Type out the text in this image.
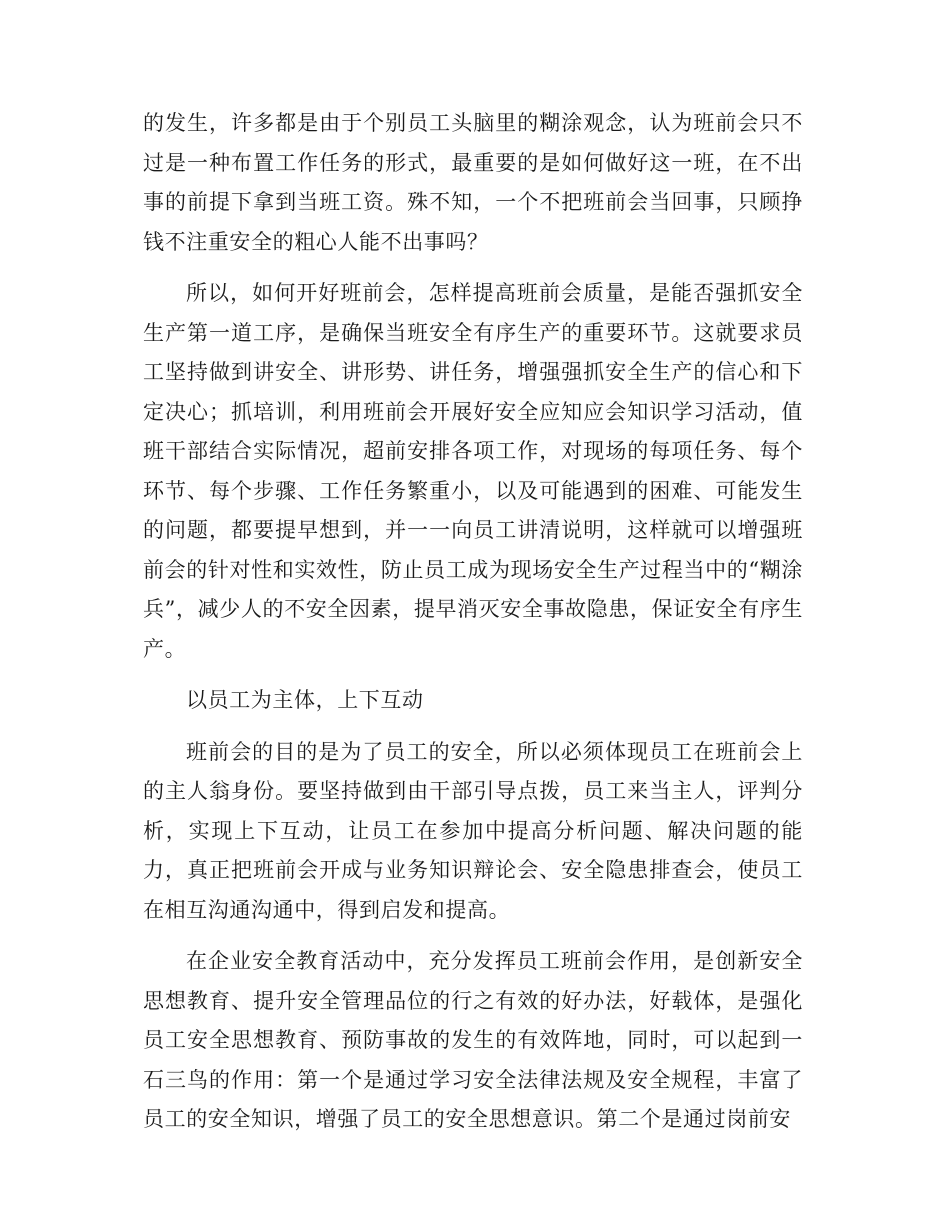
的发生，许多都是由于个别员工头脑里的糊涂观念，认为班前会只不过是一种布置工作任务的形式，最重要的是如何做好这一班，在不出事的前提下拿到当班工资。殊不知，一个不把班前会当回事，只顾挣钱不注重安全的粗心人能不出事吗？

所以，如何开好班前会，怎样提高班前会质量，是能否强抓安全生产第一道工序，是确保当班安全有序生产的重要环节。这就要求员工坚持做到讲安全、讲形势、讲任务，增强强抓安全生产的信心和下定决心；抓培训，利用班前会开展好安全应知应会知识学习活动，值班干部结合实际情况，超前安排各项工作，对现场的每项任务、每个环节、每个步骤、工作任务繁重小，以及可能遇到的困难、可能发生的问题，都要提早想到，并一一向员工讲清说明，这样就可以增强班前会的针对性和实效性，防止员工成为现场安全生产过程当中的“糊涂兵”，减少人的不安全因素，提早消灭安全事故隐患，保证安全有序生产。

以员工为主体，上下互动

班前会的目的是为了员工的安全，所以必须体现员工在班前会上的主人翁身份。要坚持做到由干部引导点拨，员工来当主人，评判分析，实现上下互动，让员工在参加中提高分析问题、解决问题的能力，真正把班前会开成与业务知识辩论会、安全隐患排查会，使员工在相互沟通沟通中，得到启发和提高。

在企业安全教育活动中，充分发挥员工班前会作用，是创新安全思想教育、提升安全管理品位的行之有效的好办法，好载体，是强化员工安全思想教育、预防事故的发生的有效阵地，同时，可以起到一石三鸟的作用：第一个是通过学习安全法律法规及安全规程，丰富了员工的安全知识，增强了员工的安全思想意识。第二个是通过岗前安
